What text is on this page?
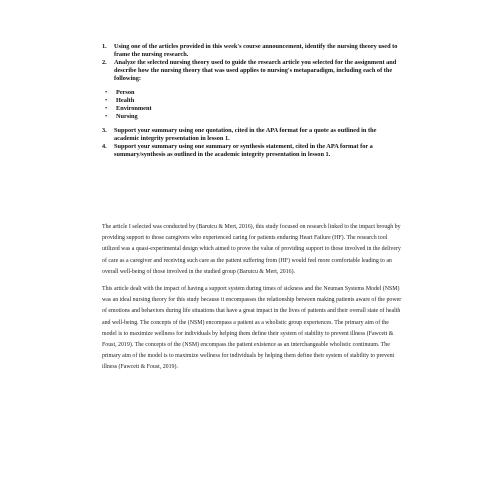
1. Using one of the articles provided in this week's course announcement, identify the nursing theory used to frame the nursing research.
2. Analyze the selected nursing theory used to guide the research article you selected for the assignment and describe how the nursing theory that was used applies to nursing's metaparadigm, including each of the following:
• Person
• Health
• Environment
• Nursing
3. Support your summary using one quotation, cited in the APA format for a quote as outlined in the academic integrity presentation in lesson 1.
4. Support your summary using one summary or synthesis statement, cited in the APA format for a summary/synthesis as outlined in the academic integrity presentation in lesson 1.

The article I selected was conducted by (Barutcu & Mert, 2016), this study focused on research linked to the impact brough by providing support to those caregivers who experienced caring for patients enduring Heart Failure (HF). The research tool utilized was a quasi-experimental design which aimed to prove the value of providing support to those involved in the delivery of care as a caregiver and receiving such care as the patient suffering from (HF) would feel more comfortable leading to an overall well-being of those involved in the studied group (Barutcu & Mert, 2016).

This article dealt with the impact of having a support system during times of sickness and the Neuman Systems Model (NSM) was an ideal nursing theory for this study because it encompasses the relationship between making patients aware of the power of emotions and behaviors during life situations that have a great impact in the lives of patients and their overall state of health and well-being. The concepts of the (NSM) encompass a patient as a wholistic group experiences. The primary aim of the model is to maximize wellness for individuals by helping them define their system of stability to prevent illness (Fawcett & Foust, 2019). The concepts of the (NSM) encompass the patient existence as an interchangeable wholistic continuum. The primary aim of the model is to maximize wellness for individuals by helping them define their system of stability to prevent illness (Fawcett & Foust, 2019).
